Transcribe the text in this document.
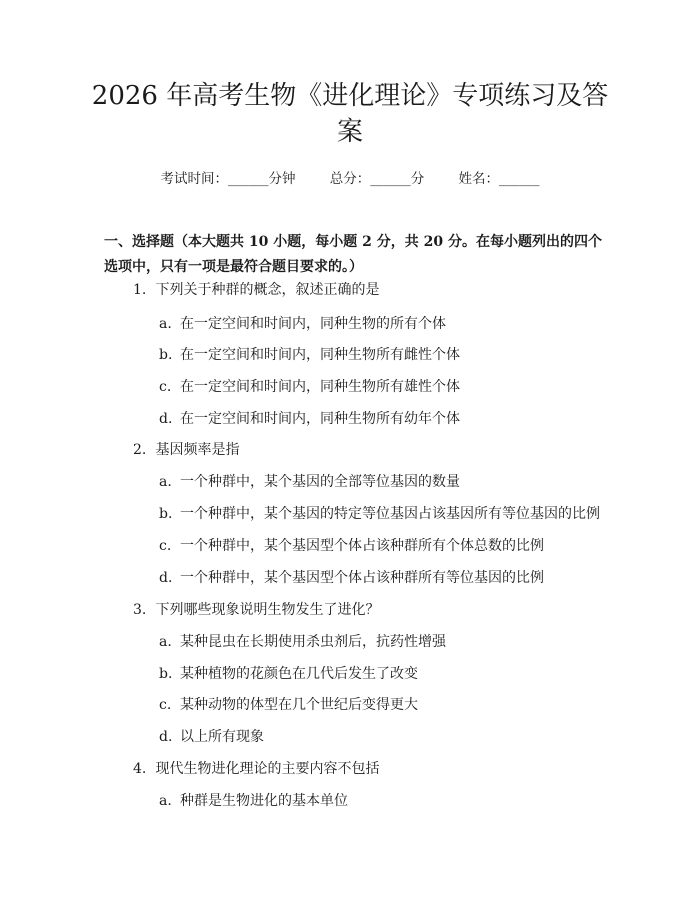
2026 年高考生物《进化理论》专项练习及答案
考试时间：______分钟	总分：______分	姓名：______

一、选择题（本大题共 10 小题，每小题 2 分，共 20 分。在每小题列出的四个选项中，只有一项是最符合题目要求的。）

1. 下列关于种群的概念，叙述正确的是
a. 在一定空间和时间内，同种生物的所有个体
b. 在一定空间和时间内，同种生物所有雌性个体
c. 在一定空间和时间内，同种生物所有雄性个体
d. 在一定空间和时间内，同种生物所有幼年个体
2. 基因频率是指
a. 一个种群中，某个基因的全部等位基因的数量
b. 一个种群中，某个基因的特定等位基因占该基因所有等位基因的比例
c. 一个种群中，某个基因型个体占该种群所有个体总数的比例
d. 一个种群中，某个基因型个体占该种群所有等位基因的比例
3. 下列哪些现象说明生物发生了进化？
a. 某种昆虫在长期使用杀虫剂后，抗药性增强
b. 某种植物的花颜色在几代后发生了改变
c. 某种动物的体型在几个世纪后变得更大
d. 以上所有现象
4. 现代生物进化理论的主要内容不包括
a. 种群是生物进化的基本单位
